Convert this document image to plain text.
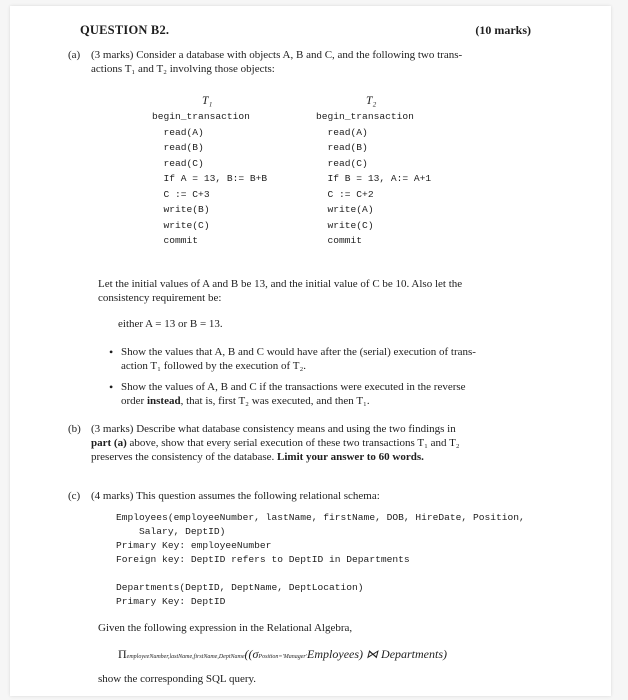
QUESTION B2.	(10 marks)
(a) (3 marks) Consider a database with objects A, B and C, and the following two trans-
actions T₁ and T₂ involving those objects:
T₁
begin_transaction
read(A)
read(B)
read(C)
If A = 13, B:= B+B
C := C+3
write(B)
write(C)
commit
T₂
begin_transaction
read(A)
read(B)
read(C)
If B = 13, A:= A+1
C := C+2
write(A)
write(C)
commit
Let the initial values of A and B be 13, and the initial value of C be 10. Also let the
consistency requirement be:
either A = 13 or B = 13.
• Show the values that A, B and C would have after the (serial) execution of trans-
action T₁ followed by the execution of T₂.
• Show the values of A, B and C if the transactions were executed in the reverse
order instead, that is, first T₂ was executed, and then T₁.
(b) (3 marks) Describe what database consistency means and using the two findings in
part (a) above, show that every serial execution of these two transactions T₁ and T₂
preserves the consistency of the database. Limit your answer to 60 words.
(c) (4 marks) This question assumes the following relational schema:
Employees(employeeNumber, lastName, firstName, DOB, HireDate, Position,
Salary, DeptID)
Primary Key: employeeNumber
Foreign key: DeptID refers to DeptID in Departments

Departments(DeptID, DeptName, DeptLocation)
Primary Key: DeptID
Given the following expression in the Relational Algebra,
ΠemployeeNumber,lastName,firstName,DeptName((σPosition='Manager'Employees) ⋈ Departments)
show the corresponding SQL query.
